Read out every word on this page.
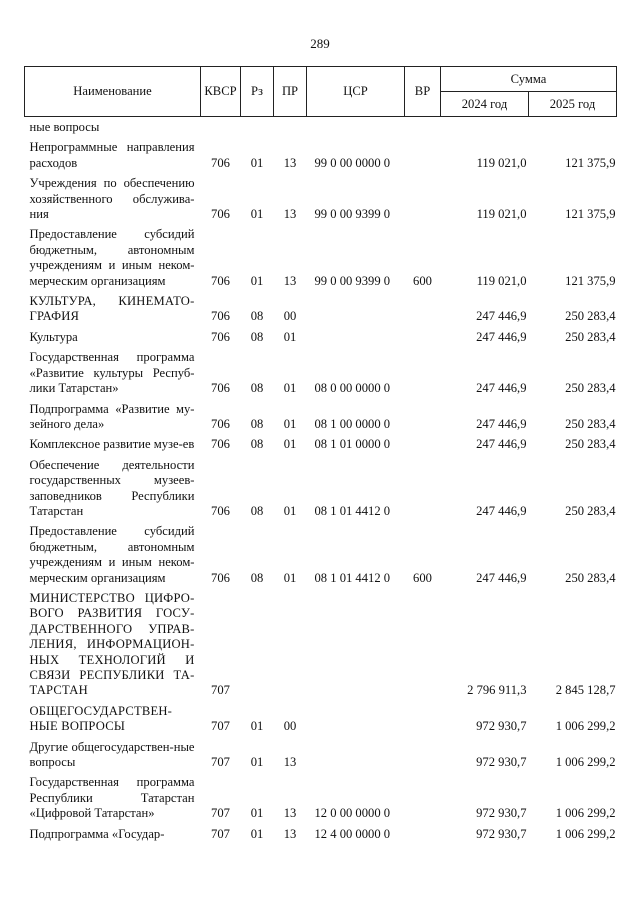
289
Наименование	КВСР	Рз	ПР	ЦСР	ВР	Сумма	
						2024 год	2025 год
ные вопросы							
Непрограммные направления расходов	706	01	13	99 0 00 0000 0		119 021,0	121 375,9
Учреждения по обеспечению хозяйственного обслужива-ния	706	01	13	99 0 00 9399 0		119 021,0	121 375,9
Предоставление субсидий бюджетным, автономным учреждениям и иным неком-мерческим организациям	706	01	13	99 0 00 9399 0	600	119 021,0	121 375,9
КУЛЬТУРА, КИНЕМАТО-ГРАФИЯ	706	08	00			247 446,9	250 283,4
Культура	706	08	01			247 446,9	250 283,4
Государственная программа «Развитие культуры Респуб-лики Татарстан»	706	08	01	08 0 00 0000 0		247 446,9	250 283,4
Подпрограмма «Развитие му-зейного дела»	706	08	01	08 1 00 0000 0		247 446,9	250 283,4
Комплексное развитие музе-ев	706	08	01	08 1 01 0000 0		247 446,9	250 283,4
Обеспечение деятельности государственных музеев-заповедников Республики Татарстан	706	08	01	08 1 01 4412 0		247 446,9	250 283,4
Предоставление субсидий бюджетным, автономным учреждениям и иным неком-мерческим организациям	706	08	01	08 1 01 4412 0	600	247 446,9	250 283,4
МИНИСТЕРСТВО ЦИФРО-ВОГО РАЗВИТИЯ ГОСУ-ДАРСТВЕННОГО УПРАВ-ЛЕНИЯ, ИНФОРМАЦИОН-НЫХ ТЕХНОЛОГИЙ И СВЯЗИ РЕСПУБЛИКИ ТА-ТАРСТАН	707					2 796 911,3	2 845 128,7
ОБЩЕГОСУДАРСТВЕН-НЫЕ ВОПРОСЫ	707	01	00			972 930,7	1 006 299,2
Другие общегосударствен-ные вопросы	707	01	13			972 930,7	1 006 299,2
Государственная программа Республики Татарстан «Цифровой Татарстан»	707	01	13	12 0 00 0000 0		972 930,7	1 006 299,2
Подпрограмма «Государ-	707	01	13	12 4 00 0000 0		972 930,7	1 006 299,2
